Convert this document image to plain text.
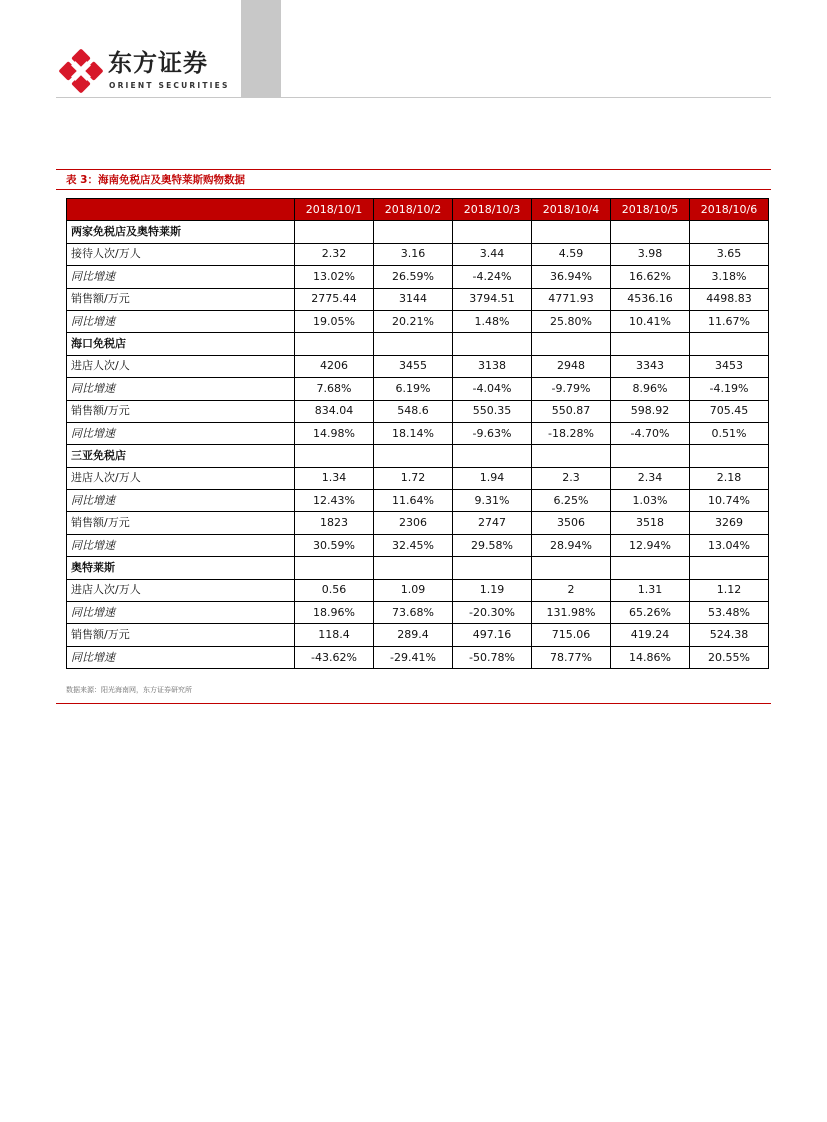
东方证券
ORIENT SECURITIES
表 3：海南免税店及奥特莱斯购物数据
	2018/10/1	2018/10/2	2018/10/3	2018/10/4	2018/10/5	2018/10/6
两家免税店及奥特莱斯						
接待人次/万人	2.32	3.16	3.44	4.59	3.98	3.65
同比增速	13.02%	26.59%	-4.24%	36.94%	16.62%	3.18%
销售额/万元	2775.44	3144	3794.51	4771.93	4536.16	4498.83
同比增速	19.05%	20.21%	1.48%	25.80%	10.41%	11.67%
海口免税店						
进店人次/人	4206	3455	3138	2948	3343	3453
同比增速	7.68%	6.19%	-4.04%	-9.79%	8.96%	-4.19%
销售额/万元	834.04	548.6	550.35	550.87	598.92	705.45
同比增速	14.98%	18.14%	-9.63%	-18.28%	-4.70%	0.51%
三亚免税店						
进店人次/万人	1.34	1.72	1.94	2.3	2.34	2.18
同比增速	12.43%	11.64%	9.31%	6.25%	1.03%	10.74%
销售额/万元	1823	2306	2747	3506	3518	3269
同比增速	30.59%	32.45%	29.58%	28.94%	12.94%	13.04%
奥特莱斯						
进店人次/万人	0.56	1.09	1.19	2	1.31	1.12
同比增速	18.96%	73.68%	-20.30%	131.98%	65.26%	53.48%
销售额/万元	118.4	289.4	497.16	715.06	419.24	524.38
同比增速	-43.62%	-29.41%	-50.78%	78.77%	14.86%	20.55%
数据来源：阳光海南网，东方证券研究所
